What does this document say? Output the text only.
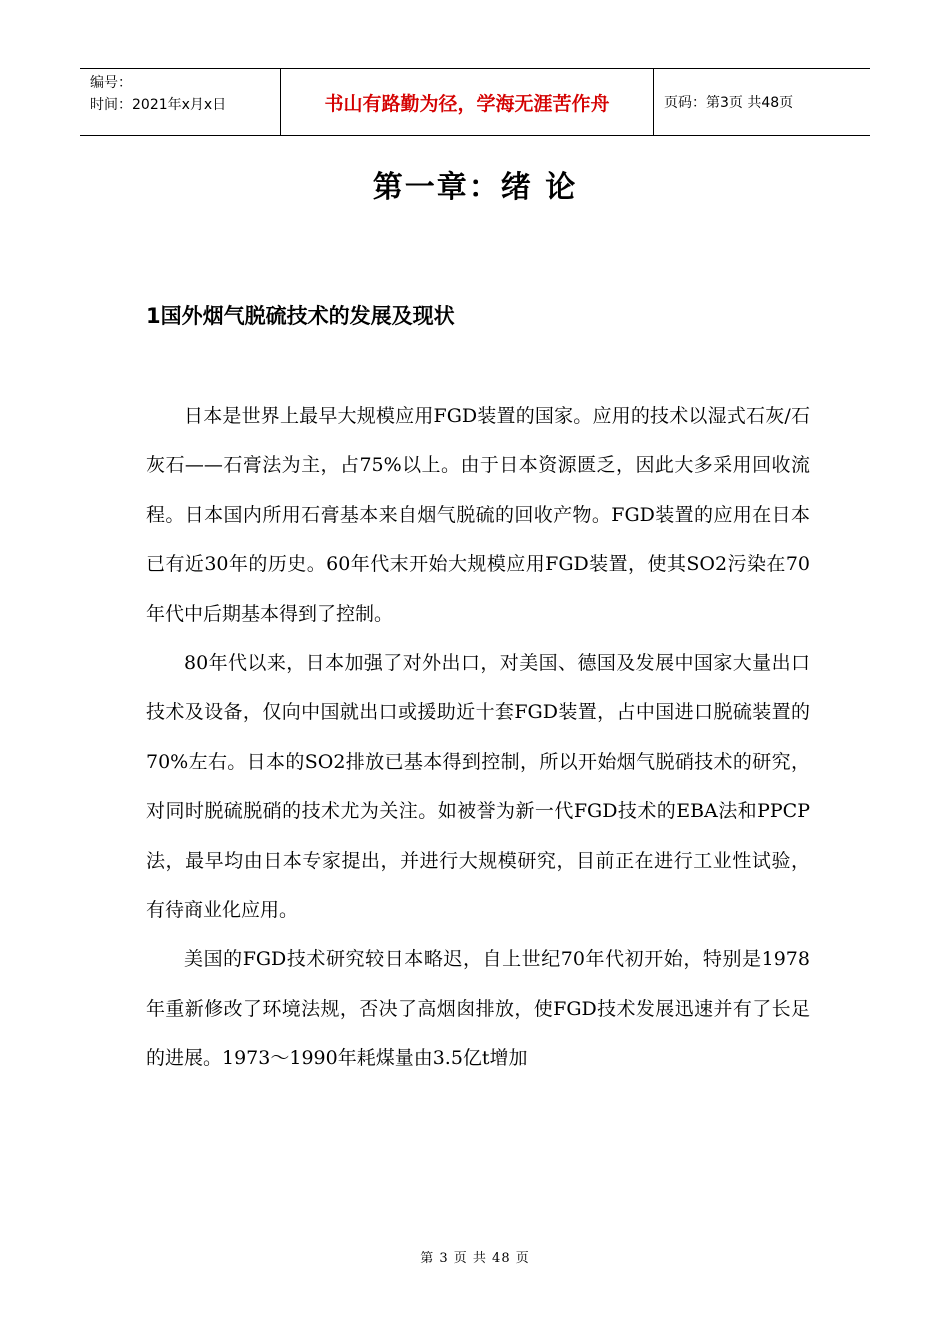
编号：
时间：2021年x月x日	书山有路勤为径，学海无涯苦作舟	页码：第3页 共48页
第一章：绪 论
1国外烟气脱硫技术的发展及现状

日本是世界上最早大规模应用FGD装置的国家。应用的技术以湿式石灰/石灰石——石膏法为主，占75%以上。由于日本资源匮乏，因此大多采用回收流程。日本国内所用石膏基本来自烟气脱硫的回收产物。FGD装置的应用在日本已有近30年的历史。60年代末开始大规模应用FGD装置，使其SO2污染在70年代中后期基本得到了控制。

80年代以来，日本加强了对外出口，对美国、德国及发展中国家大量出口技术及设备，仅向中国就出口或援助近十套FGD装置，占中国进口脱硫装置的70%左右。日本的SO2排放已基本得到控制，所以开始烟气脱硝技术的研究，对同时脱硫脱硝的技术尤为关注。如被誉为新一代FGD技术的EBA法和PPCP法，最早均由日本专家提出，并进行大规模研究，目前正在进行工业性试验，有待商业化应用。

美国的FGD技术研究较日本略迟，自上世纪70年代初开始，特别是1978年重新修改了环境法规，否决了高烟囱排放，使FGD技术发展迅速并有了长足的进展。1973～1990年耗煤量由3.5亿t增加

第 3 页 共 48 页
